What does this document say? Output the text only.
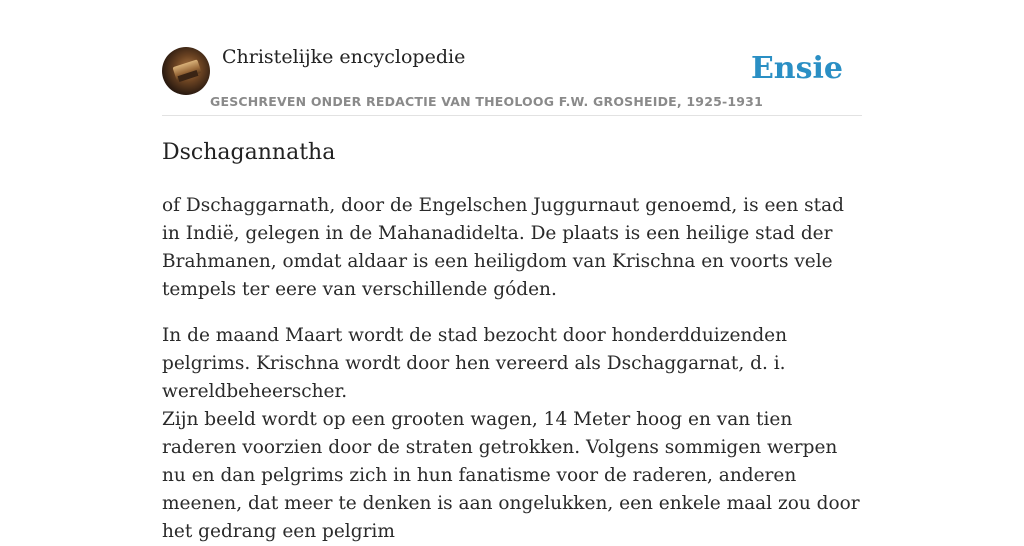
Christelijke encyclopedie
GESCHREVEN ONDER REDACTIE VAN THEOLOOG F.W. GROSHEIDE, 1925-1931
Ensie
Dschagannatha

of Dschaggarnath, door de Engelschen Juggurnaut genoemd, is een stad in Indië, gelegen in de Mahanadidelta. De plaats is een heilige stad der Brahmanen, omdat aldaar is een heiligdom van Krischna en voorts vele tempels ter eere van verschillende góden.

In de maand Maart wordt de stad bezocht door honderdduizenden pelgrims. Krischna wordt door hen vereerd als Dschaggarnat, d. i. wereldbeheerscher.

Zijn beeld wordt op een grooten wagen, 14 Meter hoog en van tien raderen voorzien door de straten getrokken. Volgens sommigen werpen nu en dan pelgrims zich in hun fanatisme voor de raderen, anderen meenen, dat meer te denken is aan ongelukken, een enkele maal zou door het gedrang een pelgrim
